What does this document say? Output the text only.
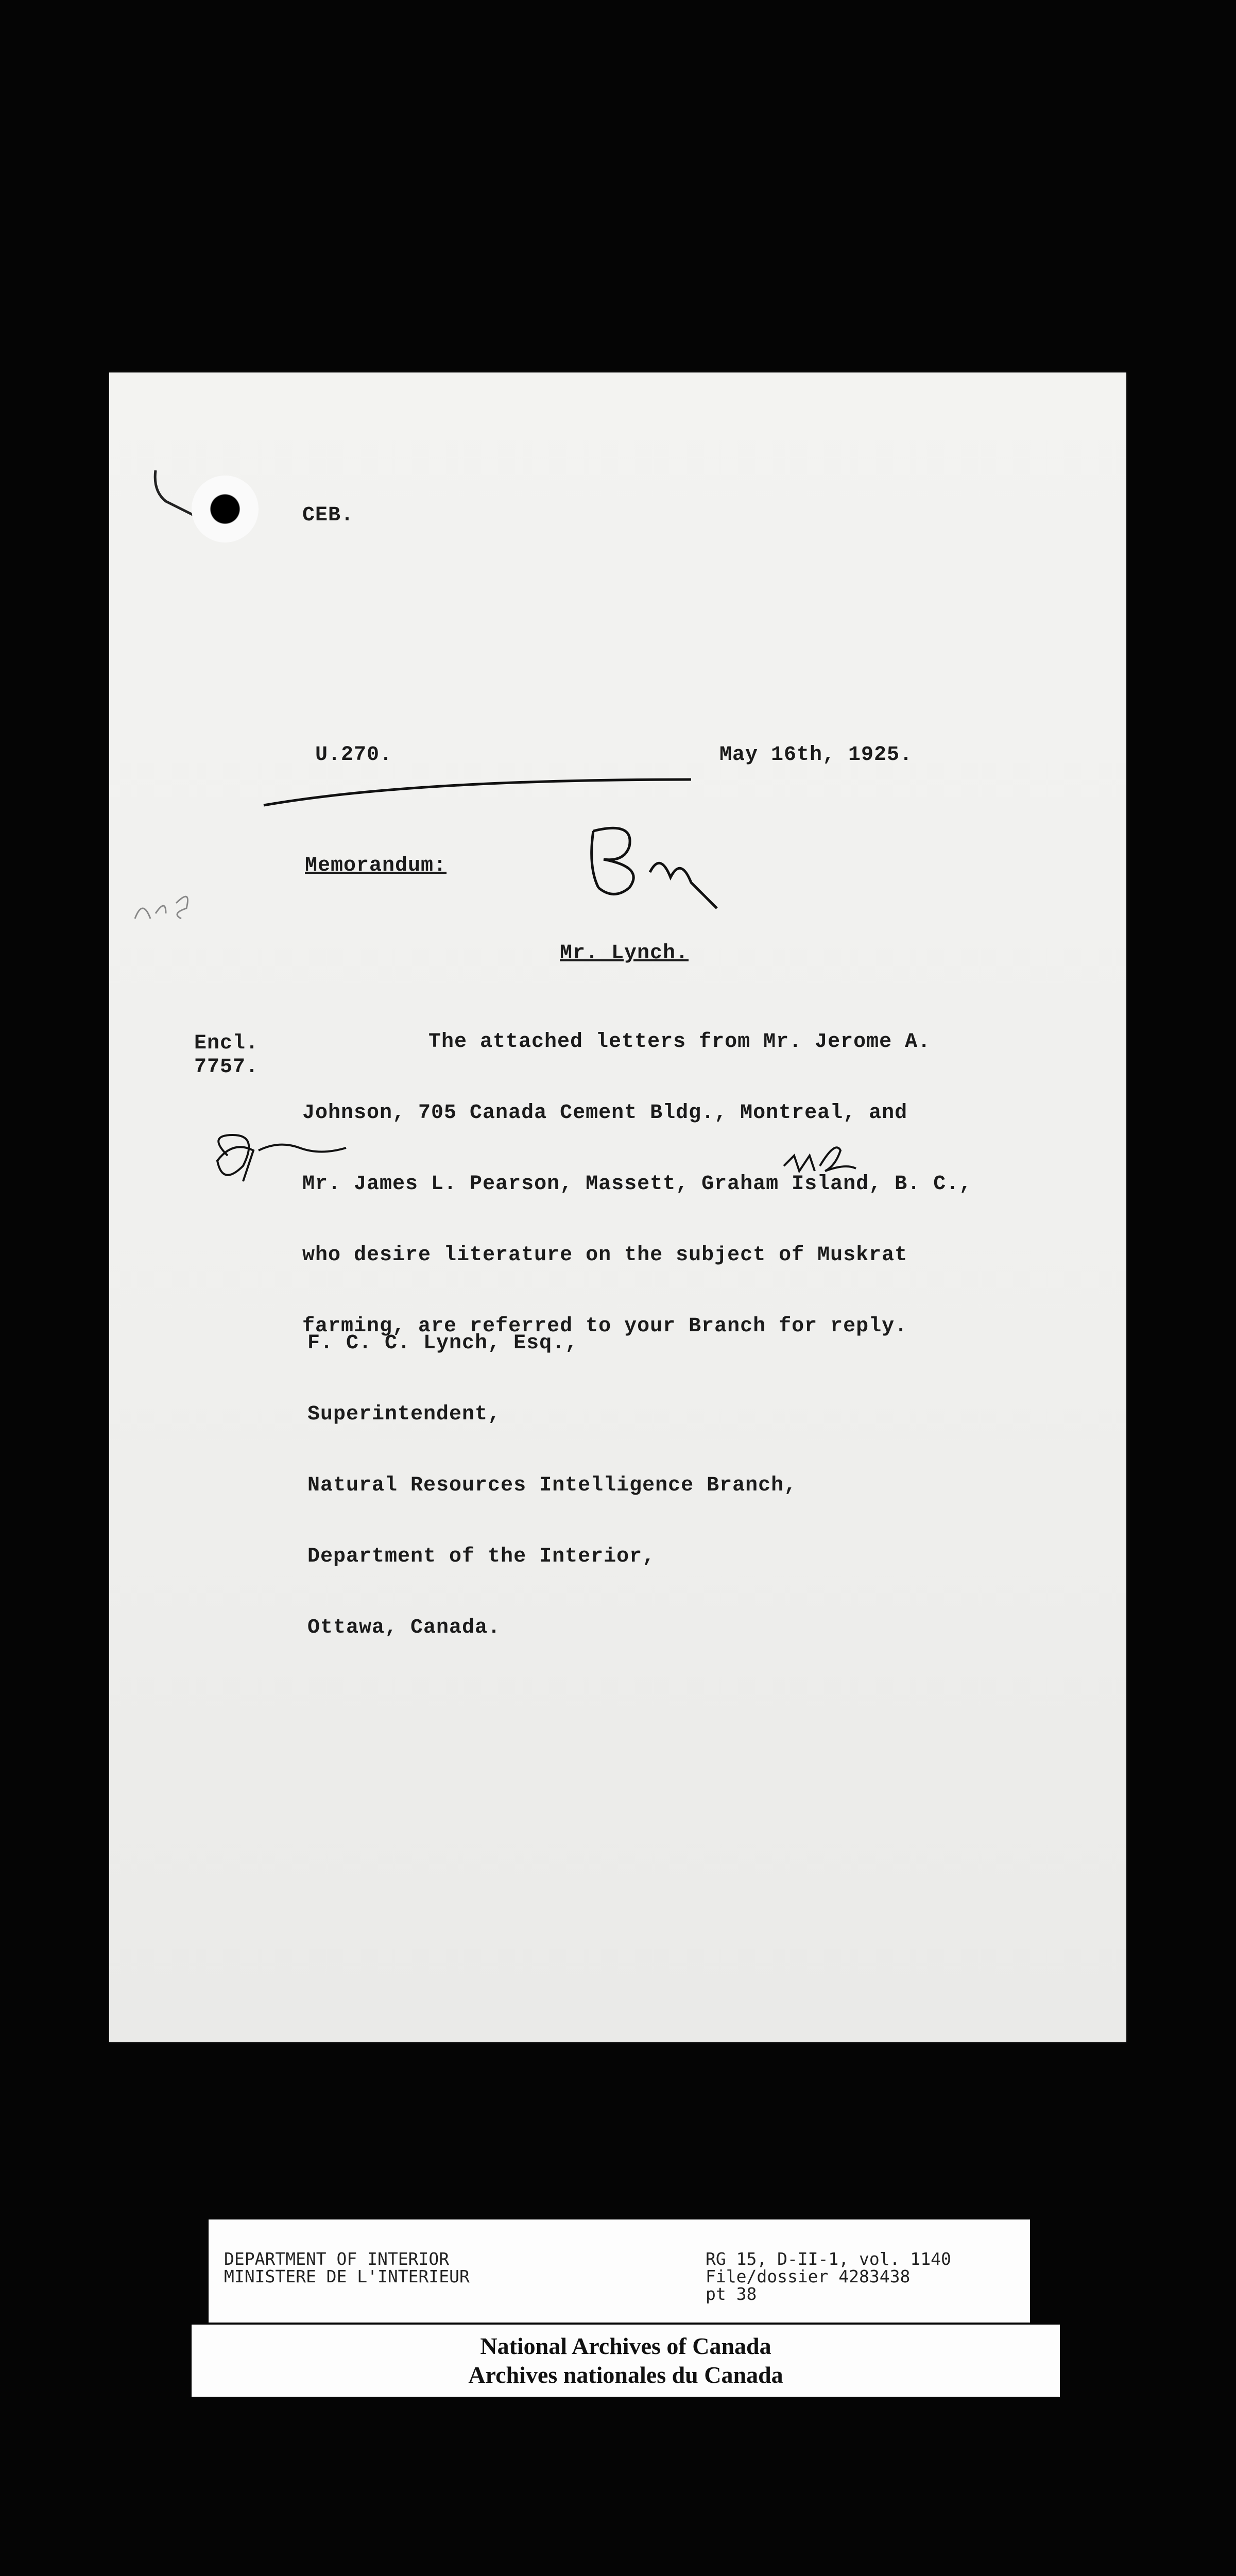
CEB.
U.270.	May 16th, 1925.
Memorandum:
Mr. Lynch.
Encl.
7757.

The attached letters from Mr. Jerome A.

Johnson, 705 Canada Cement Bldg., Montreal, and

Mr. James L. Pearson, Massett, Graham Island, B. C.,

who desire literature on the subject of Muskrat

farming, are referred to your Branch for reply.

F. C. C. Lynch, Esq.,

Superintendent,

Natural Resources Intelligence Branch,

Department of the Interior,

Ottawa, Canada.

DEPARTMENT OF INTERIOR
MINISTERE DE L'INTERIEUR
RG 15, D-II-1, vol. 1140
File/dossier 4283438
pt 38
National Archives of Canada
Archives nationales du Canada
